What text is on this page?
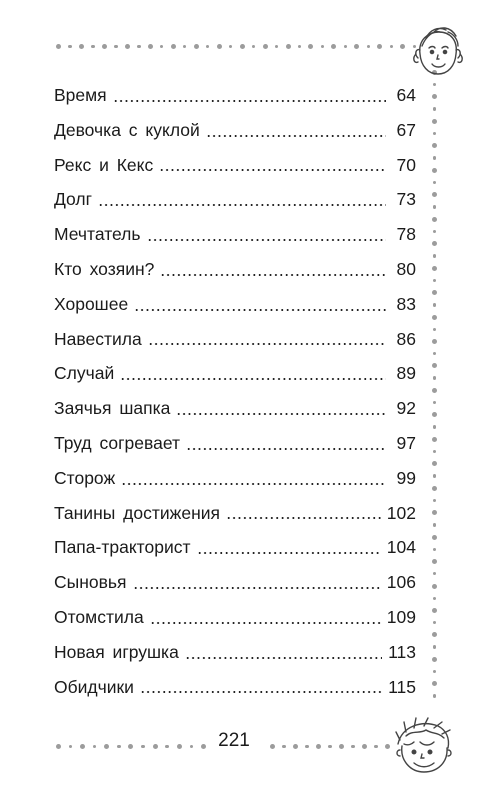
Время	64
Девочка с куклой	67
Рекс и Кекс	70
Долг	73
Мечтатель	78
Кто хозяин?	80
Хорошее	83
Навестила	86
Случай	89
Заячья шапка	92
Труд согревает	97
Сторож	99
Танины достижения	102
Папа-тракторист	104
Сыновья	106
Отомстила	109
Новая игрушка	113
Обидчики	115
221
